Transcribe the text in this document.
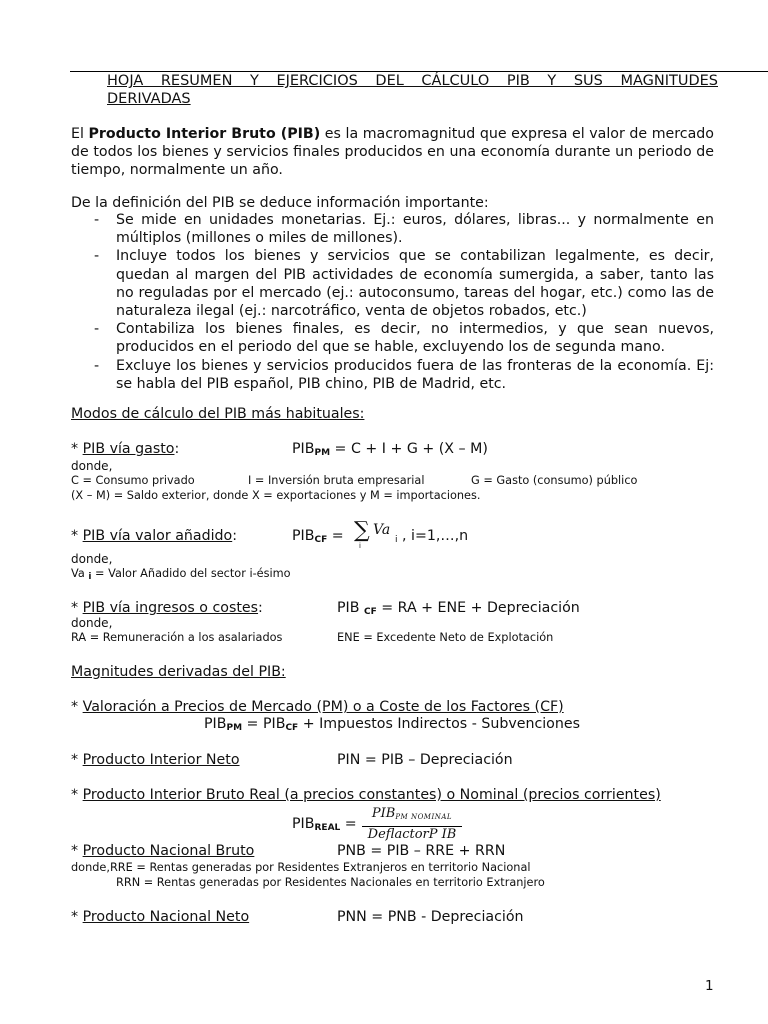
HOJA RESUMEN Y EJERCICIOS DEL CÁLCULO PIB Y SUS MAGNITUDES
DERIVADAS

El Producto Interior Bruto (PIB) es la macromagnitud que expresa el valor de mercado de todos los bienes y servicios finales producidos en una economía durante un periodo de tiempo, normalmente un año.

De la definición del PIB se deduce información importante:
- Se mide en unidades monetarias. Ej.: euros, dólares, libras... y normalmente en múltiplos (millones o miles de millones).
- Incluye todos los bienes y servicios que se contabilizan legalmente, es decir, quedan al margen del PIB actividades de economía sumergida, a saber, tanto las no reguladas por el mercado (ej.: autoconsumo, tareas del hogar, etc.) como las de naturaleza ilegal (ej.: narcotráfico, venta de objetos robados, etc.)
- Contabiliza los bienes finales, es decir, no intermedios, y que sean nuevos, producidos en el periodo del que se hable, excluyendo los de segunda mano.
- Excluye los bienes y servicios producidos fuera de las fronteras de la economía. Ej: se habla del PIB español, PIB chino, PIB de Madrid, etc.
Modos de cálculo del PIB más habituales:
* PIB vía gasto:	$PIB_{PM} = C + I + G + (X - M)$
donde,
C = Consumo privado	I = Inversión bruta empresarial	G = Gasto (consumo) público
(X – M) = Saldo exterior, donde X = exportaciones y M = importaciones.
* PIB vía valor añadido:	$PIB_{CF}$ = ∑ Va
i
$_i$ , i=1,…,n
donde,
Va $_i$ = Valor Añadido del sector i-ésimo
* PIB vía ingresos o costes:	PIB $_{CF}$ = RA + ENE + Depreciación
donde,
RA = Remuneración a los asalariados	ENE = Excedente Neto de Explotación
Magnitudes derivadas del PIB:
* Valoración a Precios de Mercado (PM) o a Coste de los Factores (CF)
$PIB_{PM} = PIB_{CF}$ + Impuestos Indirectos - Subvenciones
* Producto Interior Neto	PIN = PIB – Depreciación
* Producto Interior Bruto Real (a precios constantes) o Nominal (precios corrientes)
$PIB_{REAL}$ =
$PIB_{PM NOMINAL}$
DeflactorP IB
* Producto Nacional Bruto	PNB = PIB – RRE + RRN
donde,RRE = Rentas generadas por Residentes Extranjeros en territorio Nacional
RRN = Rentas generadas por Residentes Nacionales en territorio Extranjero
* Producto Nacional Neto	PNN = PNB - Depreciación
1
